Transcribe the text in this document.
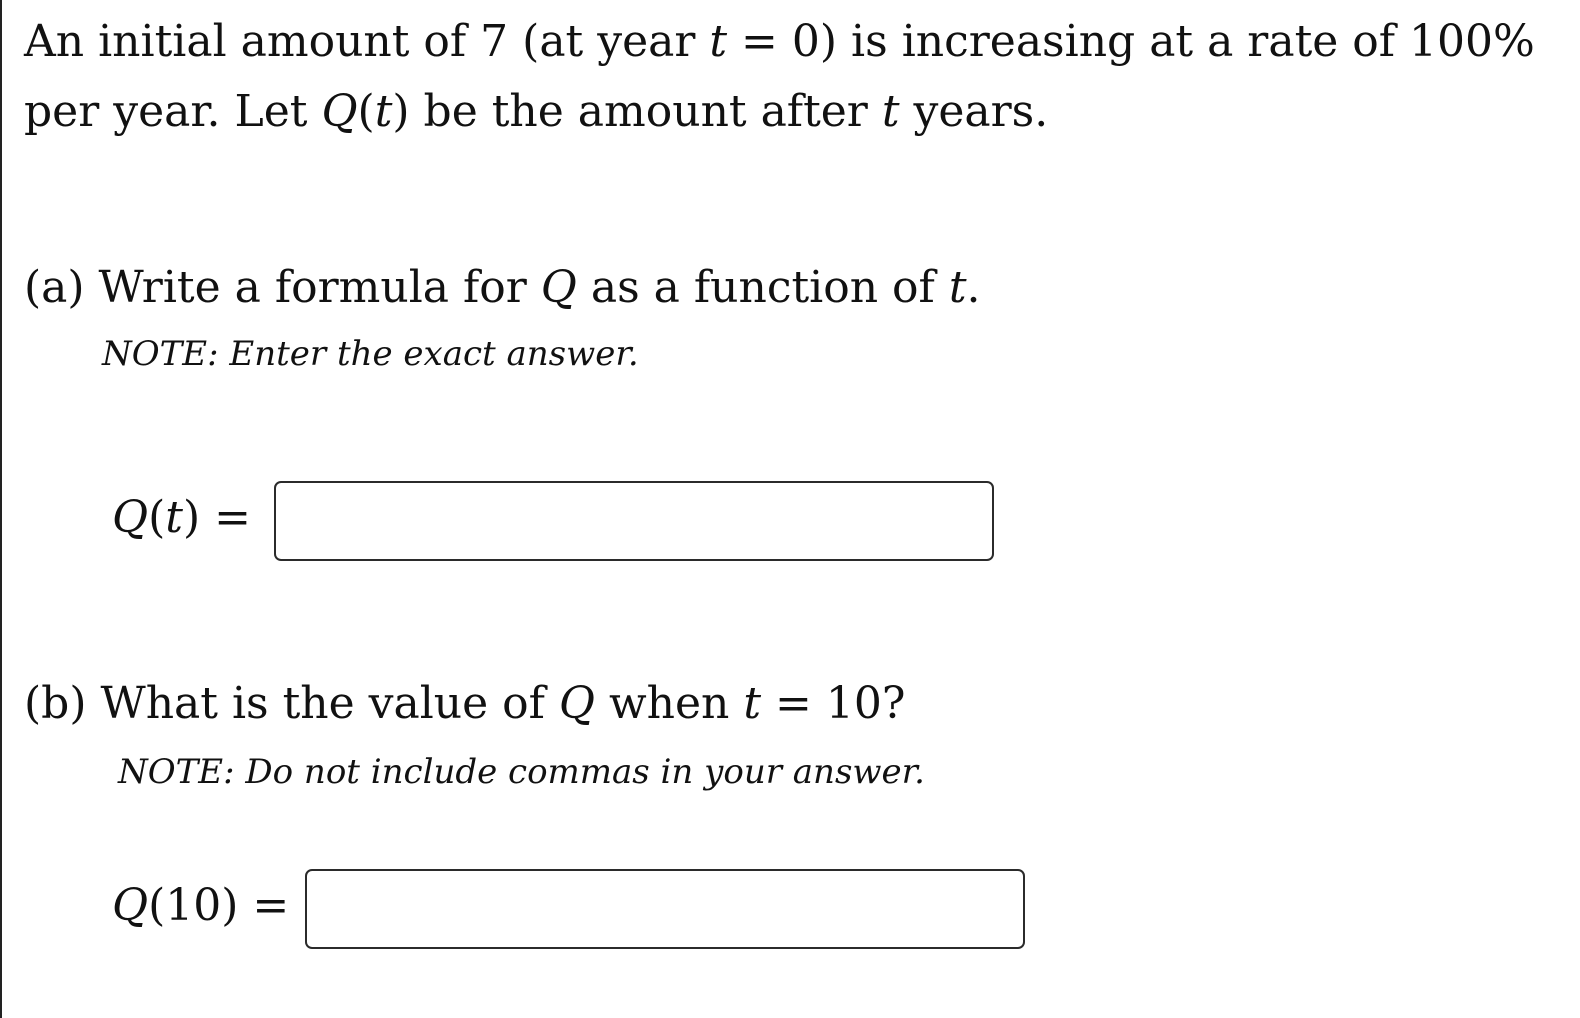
An initial amount of 7 (at year t = 0) is increasing at a rate of 100%
per year. Let Q(t) be the amount after t years.
(a) Write a formula for Q as a function of t.
NOTE: Enter the exact answer.
Q(t) =
(b) What is the value of Q when t = 10?
NOTE: Do not include commas in your answer.
Q(10) =
